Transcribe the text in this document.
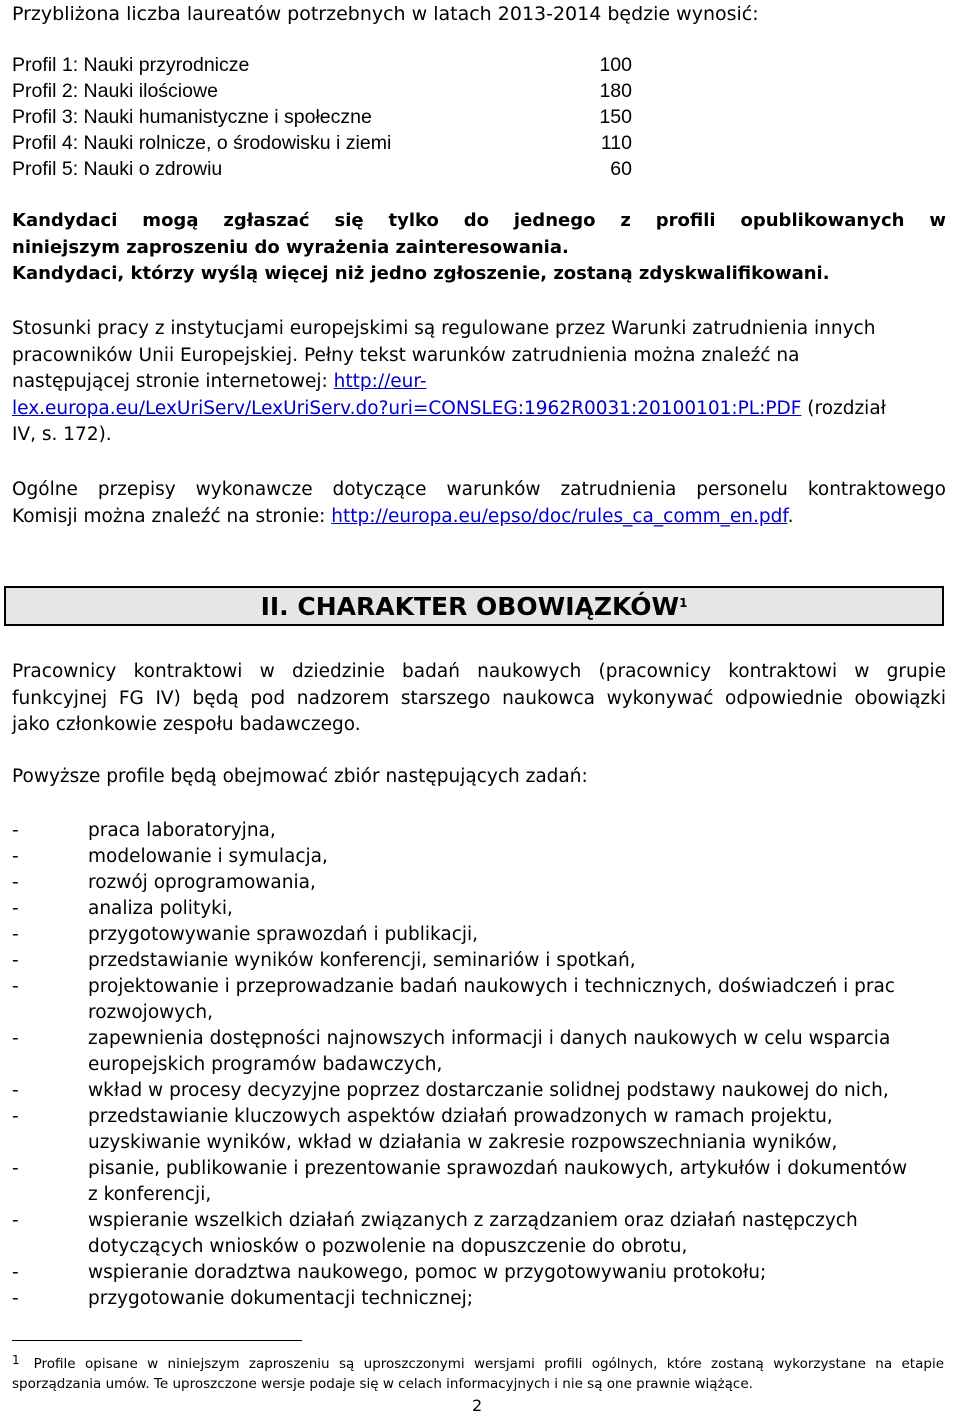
Przybliżona liczba laureatów potrzebnych w latach 2013-2014 będzie wynosić:
Profil 1: Nauki przyrodnicze	100
Profil 2: Nauki ilościowe	180
Profil 3: Nauki humanistyczne i społeczne	150
Profil 4: Nauki rolnicze, o środowisku i ziemi	110
Profil 5: Nauki o zdrowiu	60
Kandydaci mogą zgłaszać się tylko do jednego z profili opublikowanych w
niniejszym zaproszeniu do wyrażenia zainteresowania.
Kandydaci, którzy wyślą więcej niż jedno zgłoszenie, zostaną zdyskwalifikowani.
Stosunki pracy z instytucjami europejskimi są regulowane przez Warunki zatrudnienia innych
pracowników Unii Europejskiej. Pełny tekst warunków zatrudnienia można znaleźć na
następującej stronie internetowej: http://eur-
lex.europa.eu/LexUriServ/LexUriServ.do?uri=CONSLEG:1962R0031:20100101:PL:PDF (rozdział
IV, s. 172).
Ogólne przepisy wykonawcze dotyczące warunków zatrudnienia personelu kontraktowego
Komisji można znaleźć na stronie: http://europa.eu/epso/doc/rules_ca_comm_en.pdf.
II. CHARAKTER OBOWIĄZKÓW$^1$
Pracownicy kontraktowi w dziedzinie badań naukowych (pracownicy kontraktowi w grupie
funkcyjnej FG IV) będą pod nadzorem starszego naukowca wykonywać odpowiednie obowiązki
jako członkowie zespołu badawczego.
Powyższe profile będą obejmować zbiór następujących zadań:
-	praca laboratoryjna,
-	modelowanie i symulacja,
-	rozwój oprogramowania,
-	analiza polityki,
-	przygotowywanie sprawozdań i publikacji,
-	przedstawianie wyników konferencji, seminariów i spotkań,
-	projektowanie i przeprowadzanie badań naukowych i technicznych, doświadczeń i prac
rozwojowych,
-	zapewnienia dostępności najnowszych informacji i danych naukowych w celu wsparcia
europejskich programów badawczych,
-	wkład w procesy decyzyjne poprzez dostarczanie solidnej podstawy naukowej do nich,
-	przedstawianie kluczowych aspektów działań prowadzonych w ramach projektu,
uzyskiwanie wyników, wkład w działania w zakresie rozpowszechniania wyników,
-	pisanie, publikowanie i prezentowanie sprawozdań naukowych, artykułów i dokumentów
z konferencji,
-	wspieranie wszelkich działań związanych z zarządzaniem oraz działań następczych
dotyczących wniosków o pozwolenie na dopuszczenie do obrotu,
-	wspieranie doradztwa naukowego, pomoc w przygotowywaniu protokołu;
-	przygotowanie dokumentacji technicznej;
$^1$ Profile opisane w niniejszym zaproszeniu są uproszczonymi wersjami profili ogólnych, które zostaną wykorzystane na etapie
sporządzania umów. Te uproszczone wersje podaje się w celach informacyjnych i nie są one prawnie wiążące.
2
